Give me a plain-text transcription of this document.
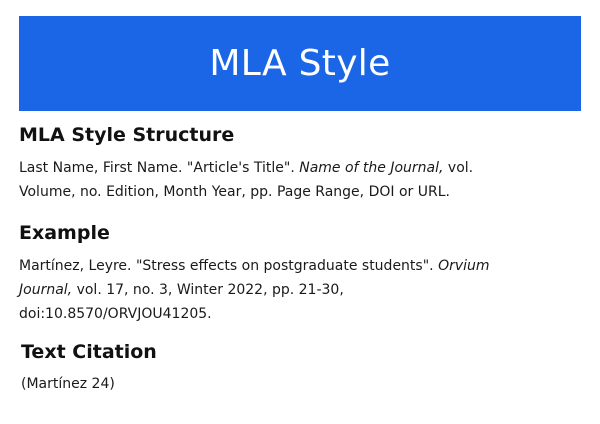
MLA Style
MLA Style Structure

Last Name, First Name. "Article's Title". Name of the Journal, vol.
Volume, no. Edition, Month Year, pp. Page Range, DOI or URL.

Example

Martínez, Leyre. "Stress effects on postgraduate students". Orvium
Journal, vol. 17, no. 3, Winter 2022, pp. 21-30,
doi:10.8570/ORVJOU41205.

Text Citation

(Martínez 24)
